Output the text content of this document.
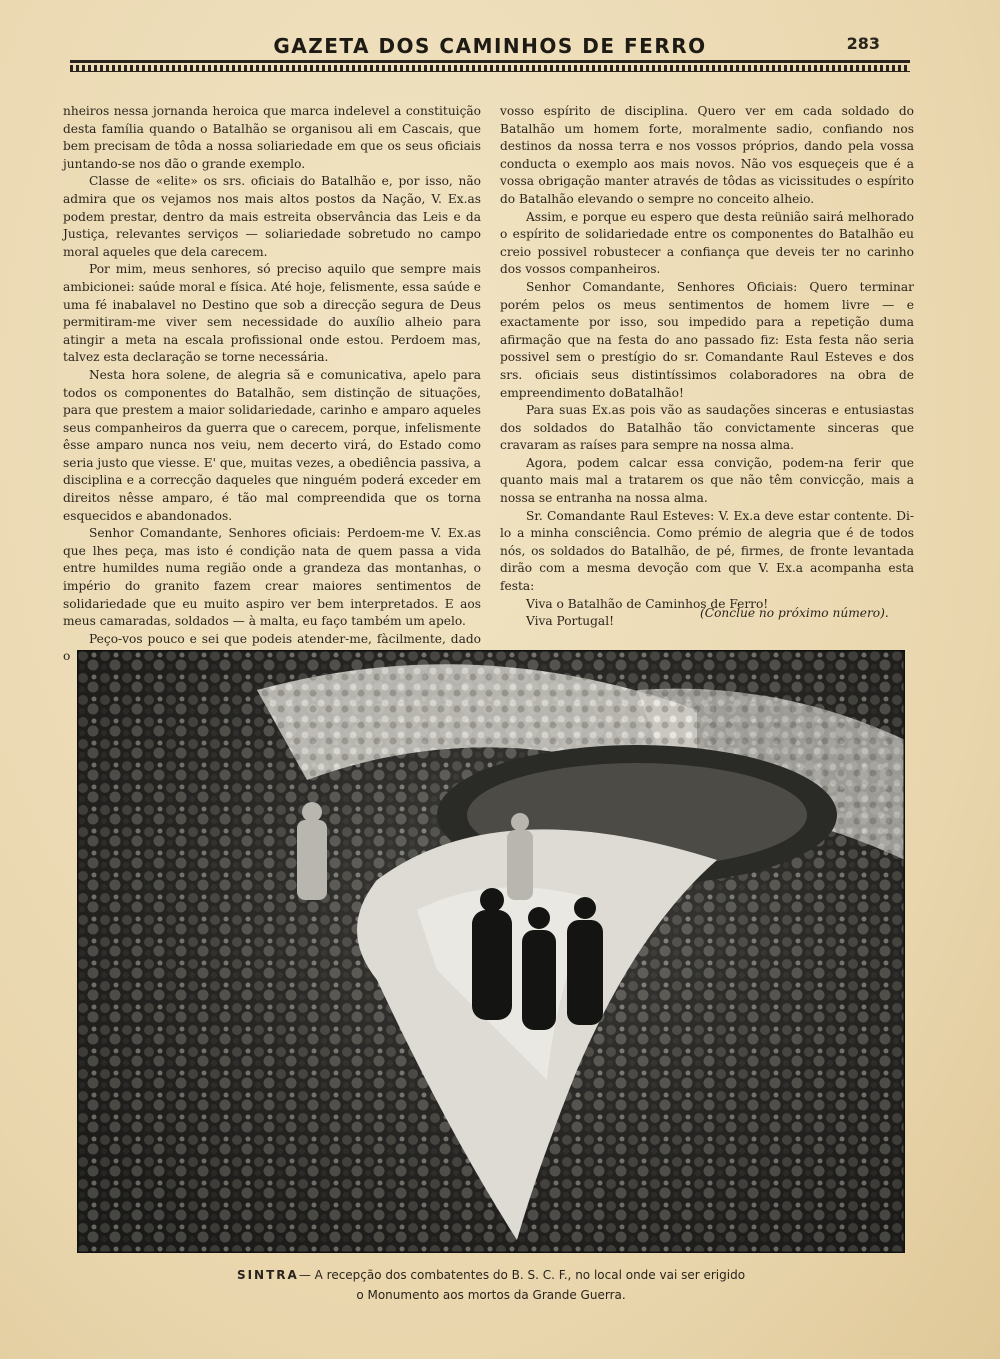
GAZETA DOS CAMINHOS DE FERRO	283

nheiros nessa jornanda heroica que marca indelevel a constituição desta família quando o Batalhão se organisou ali em Cascais, que bem precisam de tôda a nossa soliariedade em que os seus oficiais juntando-se nos dão o grande exemplo.

Classe de «elite» os srs. oficiais do Batalhão e, por isso, não admira que os vejamos nos mais altos postos da Nação, V. Ex.as podem prestar, dentro da mais estreita observância das Leis e da Justiça, relevantes serviços — soliariedade sobretudo no campo moral aqueles que dela carecem.

Por mim, meus senhores, só preciso aquilo que sempre mais ambicionei: saúde moral e física. Até hoje, felismente, essa saúde e uma fé inabalavel no Destino que sob a direcção segura de Deus permitiram-me viver sem necessidade do auxílio alheio para atingir a meta na escala profissional onde estou. Perdoem mas, talvez esta declaração se torne necessária.

Nesta hora solene, de alegria sã e comunicativa, apelo para todos os componentes do Batalhão, sem distinção de situações, para que prestem a maior solidariedade, carinho e amparo aqueles seus companheiros da guerra que o carecem, porque, infelismente êsse amparo nunca nos veiu, nem decerto virá, do Estado como seria justo que viesse. E' que, muitas vezes, a obediência passiva, a disciplina e a correcção daqueles que ninguém poderá exceder em direitos nêsse amparo, é tão mal compreendida que os torna esquecidos e abandonados.

Senhor Comandante, Senhores oficiais: Perdoem-me V. Ex.as que lhes peça, mas isto é condição nata de quem passa a vida entre humildes numa região onde a grandeza das montanhas, o império do granito fazem crear maiores sentimentos de solidariedade que eu muito aspiro ver bem interpretados. E aos meus camaradas, soldados — à malta, eu faço também um apelo.

Peço-vos pouco e sei que podeis atender-me, fàcilmente, dado o

vosso espírito de disciplina. Quero ver em cada soldado do Batalhão um homem forte, moralmente sadio, confiando nos destinos da nossa terra e nos vossos próprios, dando pela vossa conducta o exemplo aos mais novos. Não vos esqueçeis que é a vossa obrigação manter através de tôdas as vicissitudes o espírito do Batalhão elevando o sempre no conceito alheio.

Assim, e porque eu espero que desta reünião sairá melhorado o espírito de solidariedade entre os componentes do Batalhão eu creio possivel robustecer a confiança que deveis ter no carinho dos vossos companheiros.

Senhor Comandante, Senhores Oficiais: Quero terminar porém pelos os meus sentimentos de homem livre — e exactamente por isso, sou impedido para a repetição duma afirmação que na festa do ano passado fiz: Esta festa não seria possivel sem o prestígio do sr. Comandante Raul Esteves e dos srs. oficiais seus distintíssimos colaboradores na obra de empreendimento doBatalhão!

Para suas Ex.as pois vão as saudações sinceras e entusiastas dos soldados do Batalhão tão convictamente sinceras que cravaram as raíses para sempre na nossa alma.

Agora, podem calcar essa convição, podem-na ferir que quanto mais mal a tratarem os que não têm convicção, mais a nossa se entranha na nossa alma.

Sr. Comandante Raul Esteves: V. Ex.a deve estar contente. Di-lo a minha consciência. Como prémio de alegria que é de todos nós, os soldados do Batalhão, de pé, firmes, de fronte levantada dirão com a mesma devoção com que V. Ex.a acompanha esta festa:

Viva o Batalhão de Caminhos de Ferro!

Viva Portugal!

(Conclue no próximo número).
SINTRA— A recepção dos combatentes do B. S. C. F., no local onde vai ser erigido
o Monumento aos mortos da Grande Guerra.
